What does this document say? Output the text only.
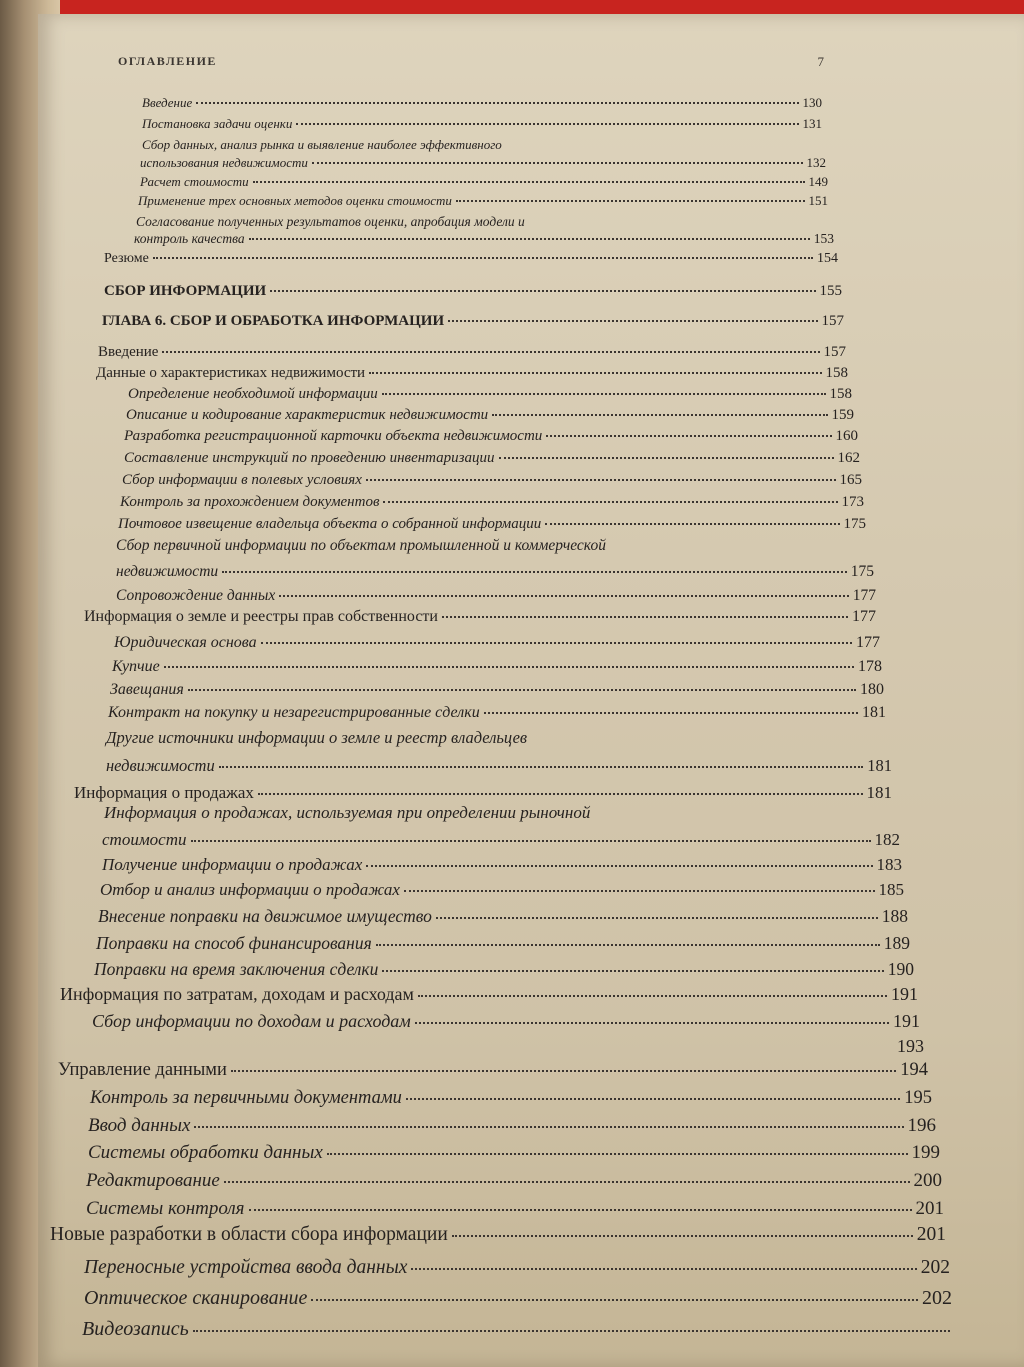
ОГЛАВЛЕНИЕ	7
Введение	130
Постановка задачи оценки	131
Сбор данных, анализ рынка и выявление наиболее эффективного
использования недвижимости	132
Расчет стоимости	149
Применение трех основных методов оценки стоимости	151
Согласование полученных результатов оценки, апробация модели и
контроль качества	153
Резюме	154
СБОР ИНФОРМАЦИИ	155
ГЛАВА 6. СБОР И ОБРАБОТКА ИНФОРМАЦИИ	157
Введение	157
Данные о характеристиках недвижимости	158
Определение необходимой информации	158
Описание и кодирование характеристик недвижимости	159
Разработка регистрационной карточки объекта недвижимости	160
Составление инструкций по проведению инвентаризации	162
Сбор информации в полевых условиях	165
Контроль за прохождением документов	173
Почтовое извещение владельца объекта о собранной информации	175
Сбор первичной информации по объектам промышленной и коммерческой
недвижимости	175
Сопровождение данных	177
Информация о земле и реестры прав собственности	177
Юридическая основа	177
Купчие	178
Завещания	180
Контракт на покупку и незарегистрированные сделки	181
Другие источники информации о земле и реестр владельцев
недвижимости	181
Информация о продажах	181
Информация о продажах, используемая при определении рыночной
стоимости	182
Получение информации о продажах	183
Отбор и анализ информации о продажах	185
Внесение поправки на движимое имущество	188
Поправки на способ финансирования	189
Поправки на время заключения сделки	190
Информация по затратам, доходам и расходам	191
Сбор информации по доходам и расходам	191
193
Управление данными	194
Контроль за первичными документами	195
Ввод данных	196
Системы обработки данных	199
Редактирование	200
Системы контроля	201
Новые разработки в области сбора информации	201
Переносные устройства ввода данных	202
Оптическое сканирование	202
Видеозапись
